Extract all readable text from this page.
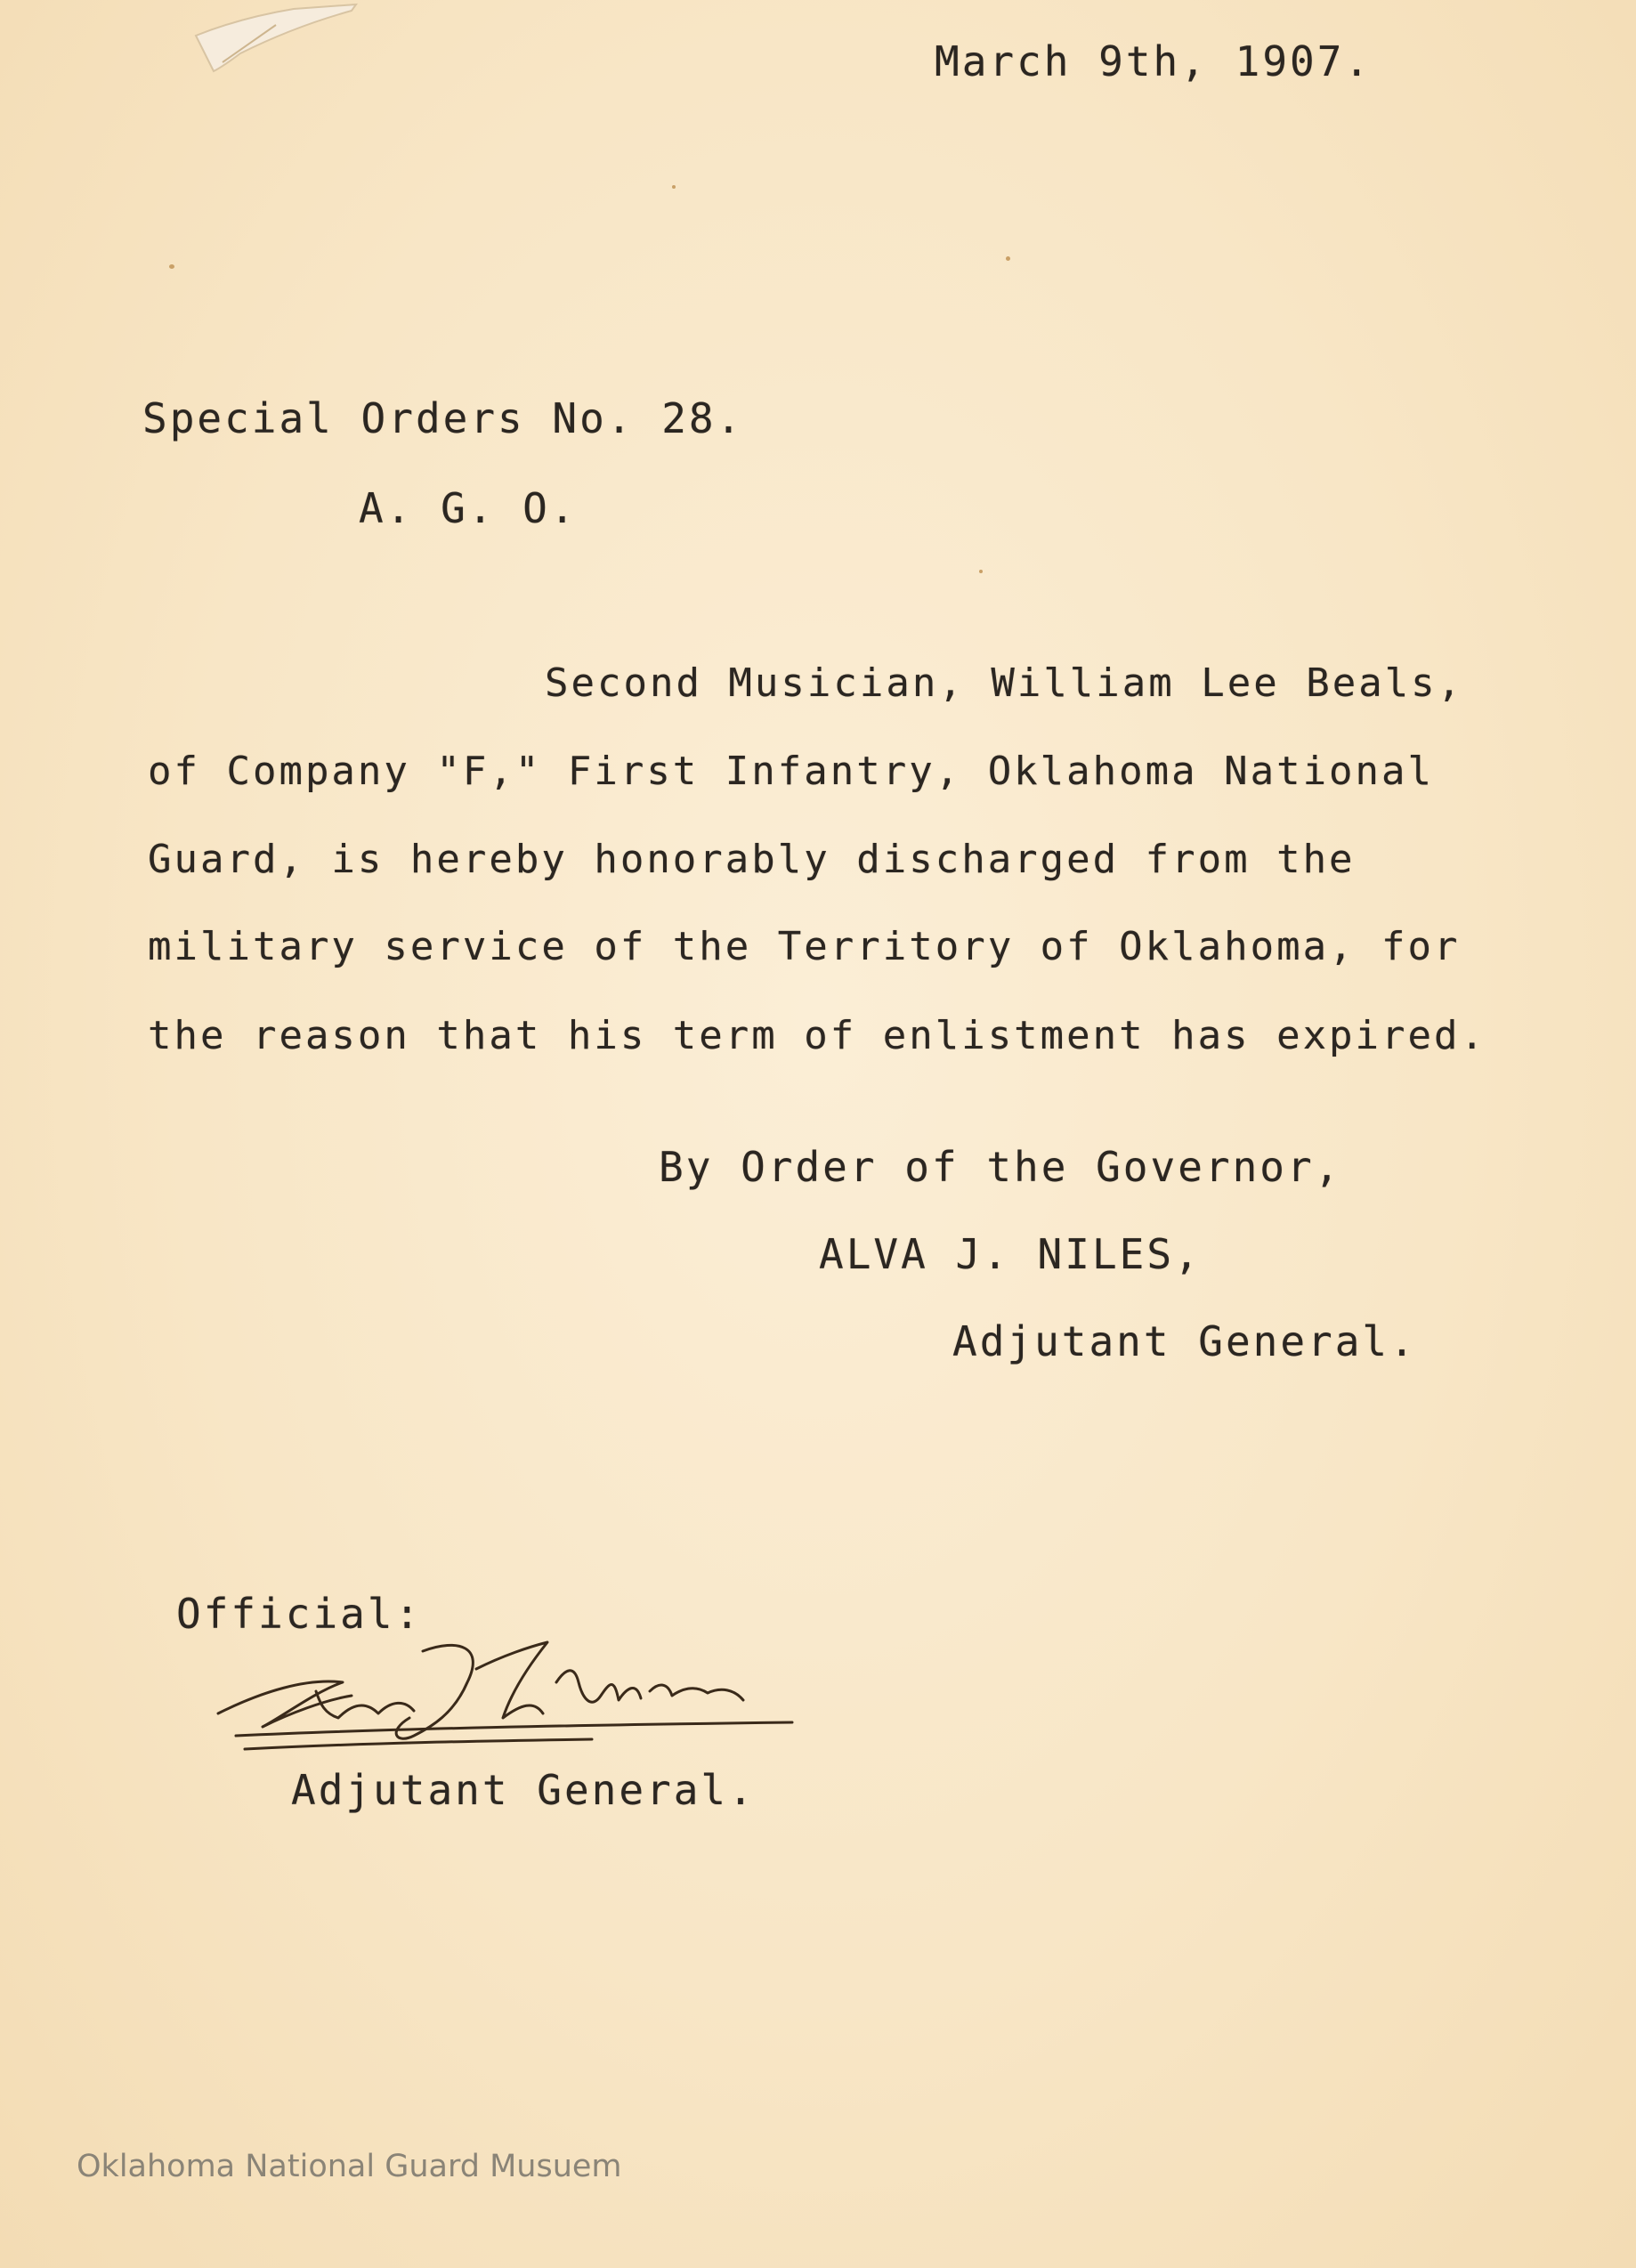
March 9th, 1907.
Special Orders No. 28.
A. G. O.
Second Musician, William Lee Beals,
of Company "F," First Infantry, Oklahoma National
Guard, is hereby honorably discharged from the
military service of the Territory of Oklahoma, for
the reason that his term of enlistment has expired.
By Order of the Governor,
ALVA J. NILES,
Adjutant General.
Official:
Adjutant General.
Oklahoma National Guard Musuem
